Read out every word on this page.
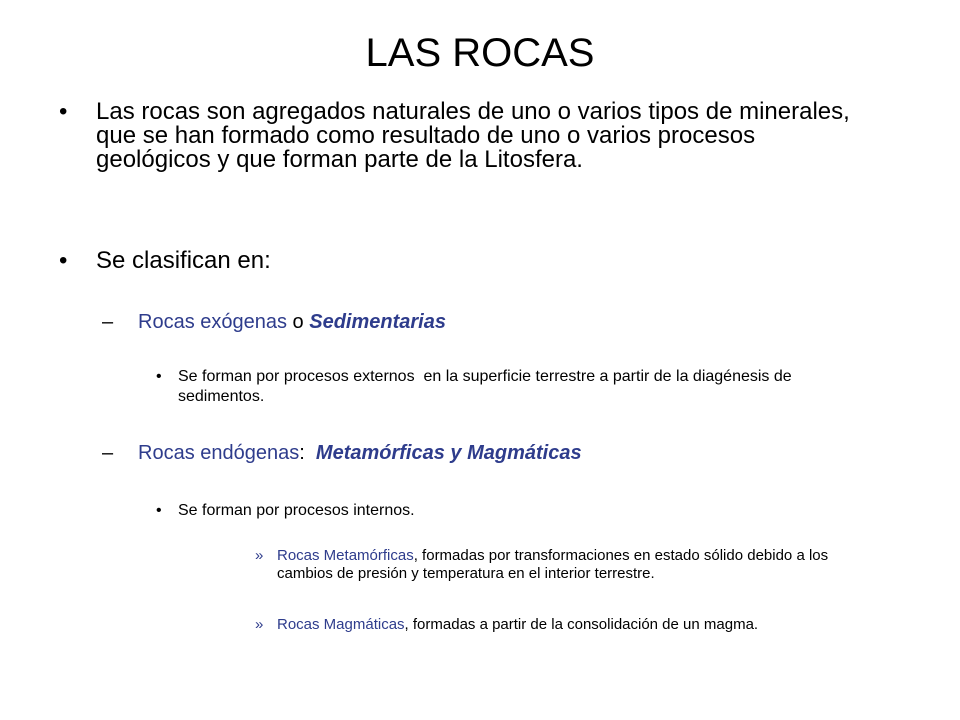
LAS ROCAS
• Las rocas son agregados naturales de uno o varios tipos de minerales, que se han formado como resultado de uno o varios procesos geológicos y que forman parte de la Litosfera.
• Se clasifican en:
– Rocas exógenas o Sedimentarias
• Se forman por procesos externos  en la superficie terrestre a partir de la diagénesis de sedimentos.
– Rocas endógenas:  Metamórficas y Magmáticas
• Se forman por procesos internos.
» Rocas Metamórficas, formadas por transformaciones en estado sólido debido a los cambios de presión y temperatura en el interior terrestre.
» Rocas Magmáticas, formadas a partir de la consolidación de un magma.
